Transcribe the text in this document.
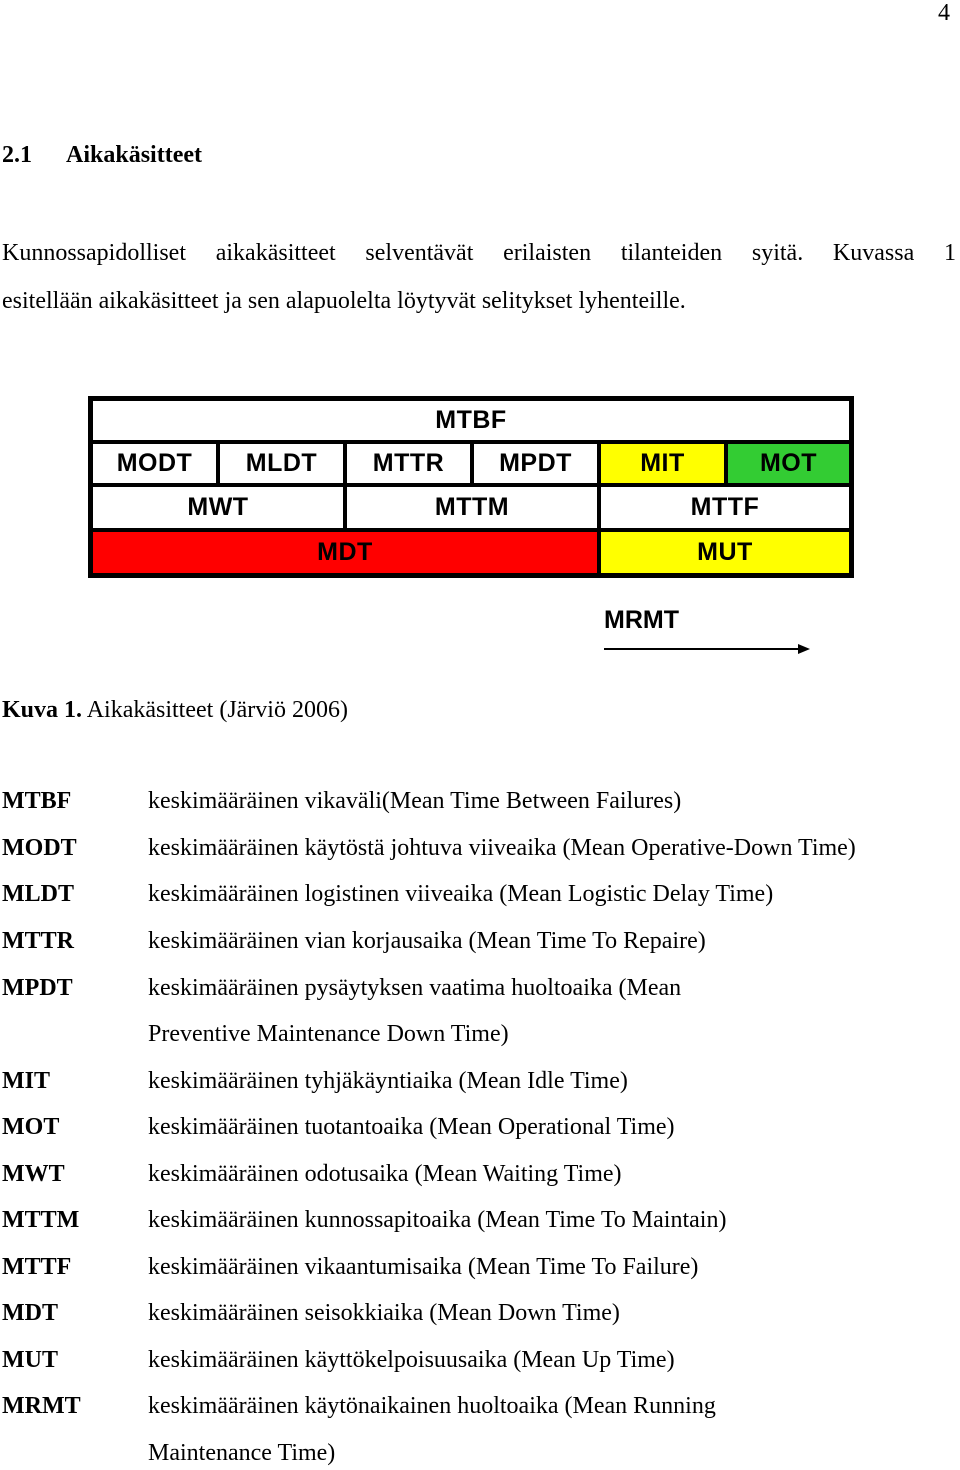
4
2.1 Aikakäsitteet
Kunnossapidolliset aikakäsitteet selventävät erilaisten tilanteiden syitä. Kuvassa 1
esitellään aikakäsitteet ja sen alapuolelta löytyvät selitykset lyhenteille.
MTBF
MODT	MLDT	MTTR	MPDT	MIT	MOT
MWT	MTTM	MTTF
MDT	MUT
MRMT
Kuva 1. Aikakäsitteet (Järviö 2006)
MTBF	keskimääräinen vikaväli(Mean Time Between Failures)
MODT	keskimääräinen käytöstä johtuva viiveaika (Mean Operative-Down Time)
MLDT	keskimääräinen logistinen viiveaika (Mean Logistic Delay Time)
MTTR	keskimääräinen vian korjausaika (Mean Time To Repaire)
MPDT	keskimääräinen pysäytyksen vaatima huoltoaika (Mean
Preventive Maintenance Down Time)
MIT	keskimääräinen tyhjäkäyntiaika (Mean Idle Time)
MOT	keskimääräinen tuotantoaika (Mean Operational Time)
MWT	keskimääräinen odotusaika (Mean Waiting Time)
MTTM	keskimääräinen kunnossapitoaika (Mean Time To Maintain)
MTTF	keskimääräinen vikaantumisaika (Mean Time To Failure)
MDT	keskimääräinen seisokkiaika (Mean Down Time)
MUT	keskimääräinen käyttökelpoisuusaika (Mean Up Time)
MRMT	keskimääräinen käytönaikainen huoltoaika (Mean Running
Maintenance Time)
